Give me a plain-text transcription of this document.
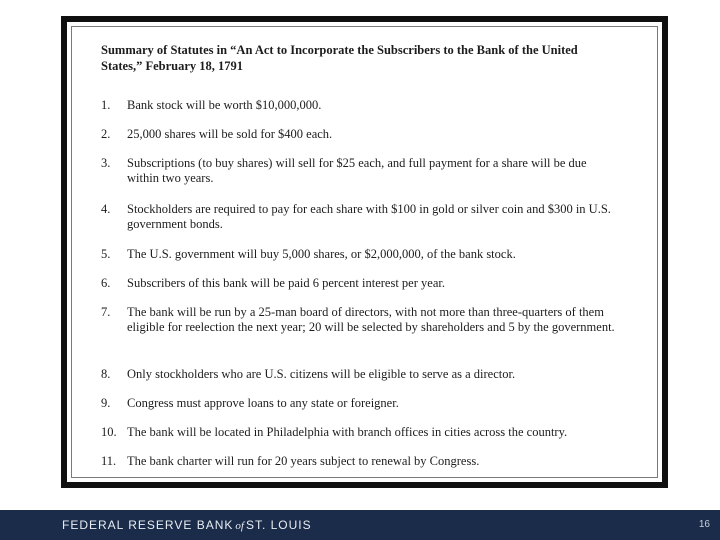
Summary of Statutes in “An Act to Incorporate the Subscribers to the Bank of the United States,” February 18, 1791

1.	Bank stock will be worth $10,000,000.
2.	25,000 shares will be sold for $400 each.
3.	Subscriptions (to buy shares) will sell for $25 each, and full payment for a share will be due within two years.
4.	Stockholders are required to pay for each share with $100 in gold or silver coin and $300 in U.S. government bonds.
5.	The U.S. government will buy 5,000 shares, or $2,000,000, of the bank stock.
6.	Subscribers of this bank will be paid 6 percent interest per year.
7.	The bank will be run by a 25-man board of directors, with not more than three-quarters of them eligible for reelection the next year; 20 will be selected by shareholders and 5 by the government.
8.	Only stockholders who are U.S. citizens will be eligible to serve as a director.
9.	Congress must approve loans to any state or foreigner.
10. The bank will be located in Philadelphia with branch offices in cities across the country.
11. The bank charter will run for 20 years subject to renewal by Congress.
FEDERAL RESERVE BANK of ST. LOUIS	16
